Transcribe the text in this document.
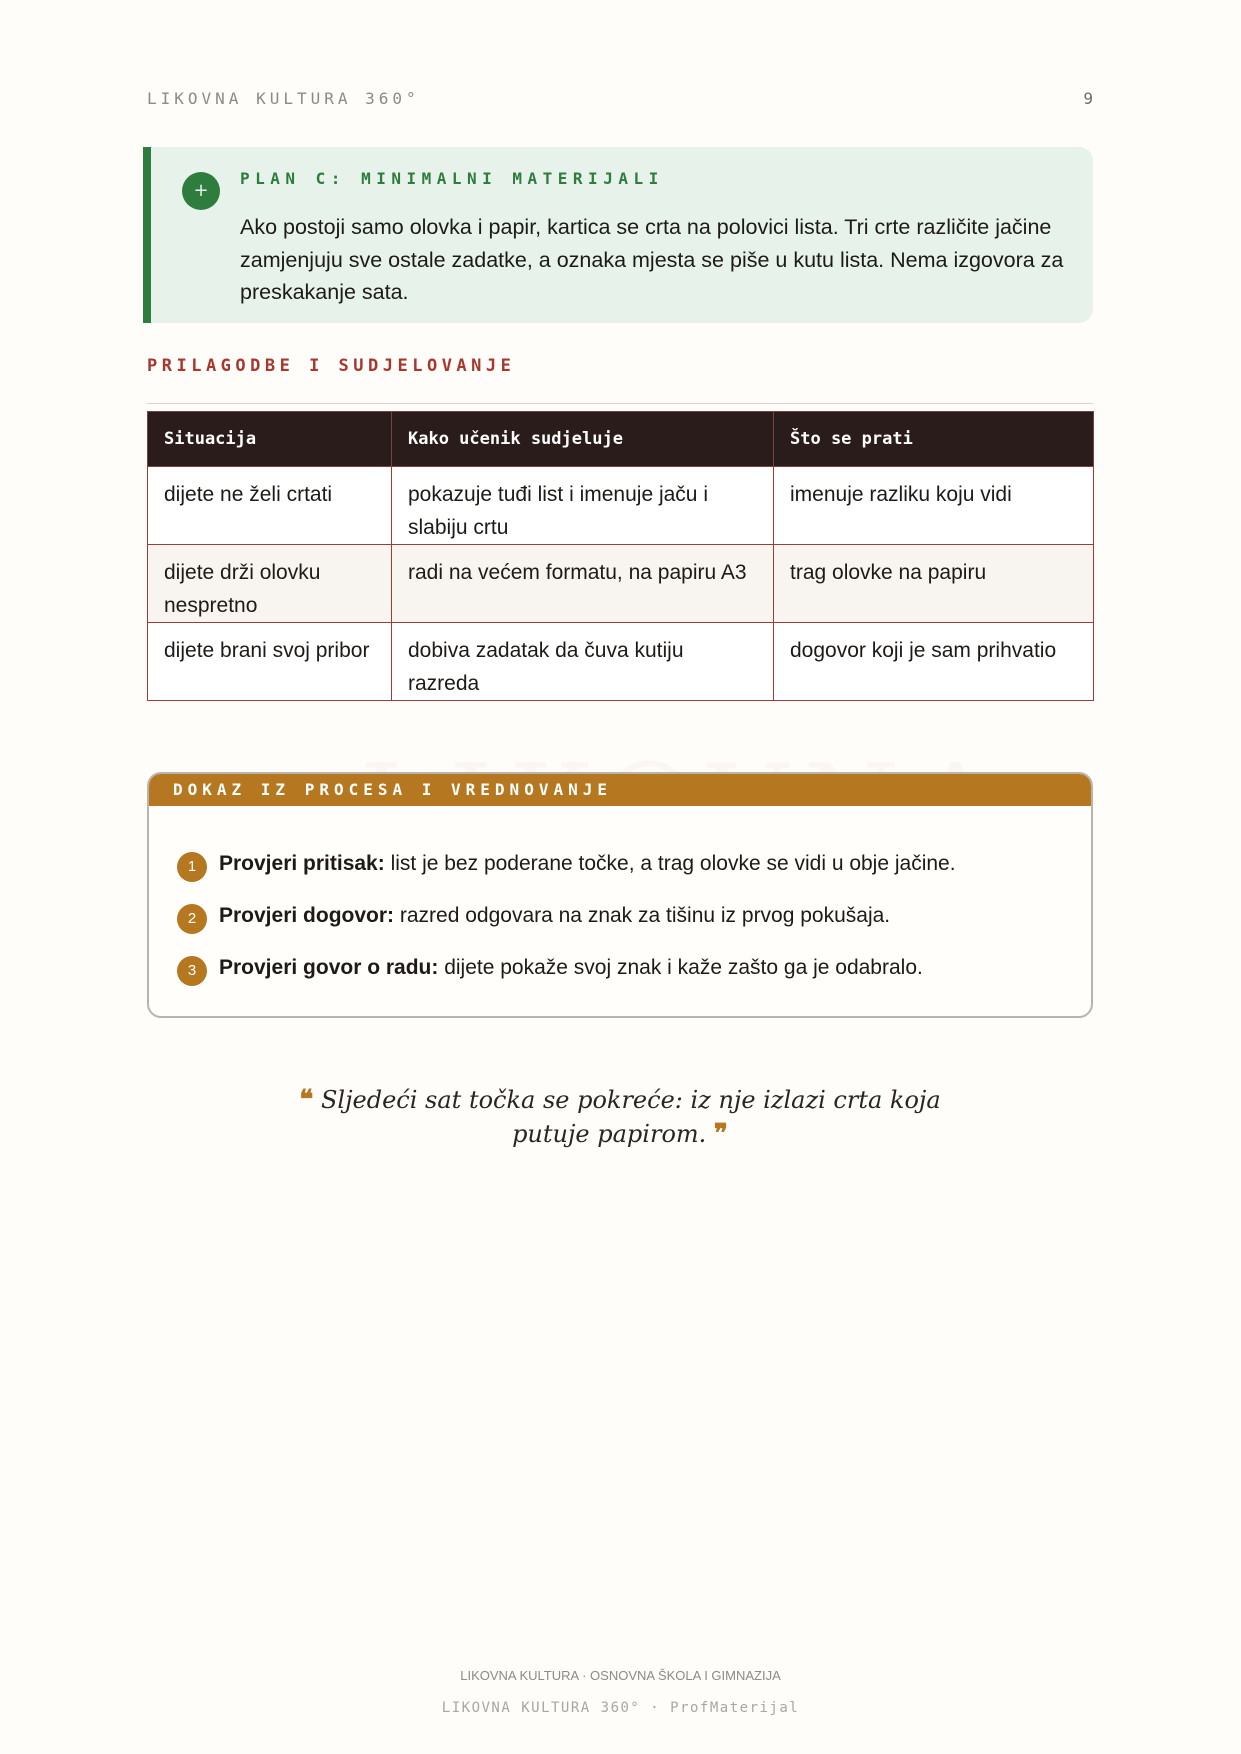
LIKOVNA KULTURA 360°	9
+
PLAN C: MINIMALNI MATERIJALI
Ako postoji samo olovka i papir, kartica se crta na polovici lista. Tri crte različite jačine zamjenjuju sve ostale zadatke, a oznaka mjesta se piše u kutu lista. Nema izgovora za preskakanje sata.
PRILAGODBE I SUDJELOVANJE
Situacija	Kako učenik sudjeluje	Što se prati
dijete ne želi crtati	pokazuje tuđi list i imenuje jaču i slabiju crtu	imenuje razliku koju vidi
dijete drži olovku nespretno	radi na većem formatu, na papiru A3	trag olovke na papiru
dijete brani svoj pribor	dobiva zadatak da čuva kutiju razreda	dogovor koji je sam prihvatio
DOKAZ IZ PROCESA I VREDNOVANJE
1	Provjeri pritisak: list je bez poderane točke, a trag olovke se vidi u obje jačine.
2	Provjeri dogovor: razred odgovara na znak za tišinu iz prvog pokušaja.
3	Provjeri govor o radu: dijete pokaže svoj znak i kaže zašto ga je odabralo.
❝ Sljedeći sat točka se pokreće: iz nje izlazi crta koja putuje papirom. ❞
LIKOVNA KULTURA · OSNOVNA ŠKOLA I GIMNAZIJA
LIKOVNA KULTURA 360° · ProfMaterijal
